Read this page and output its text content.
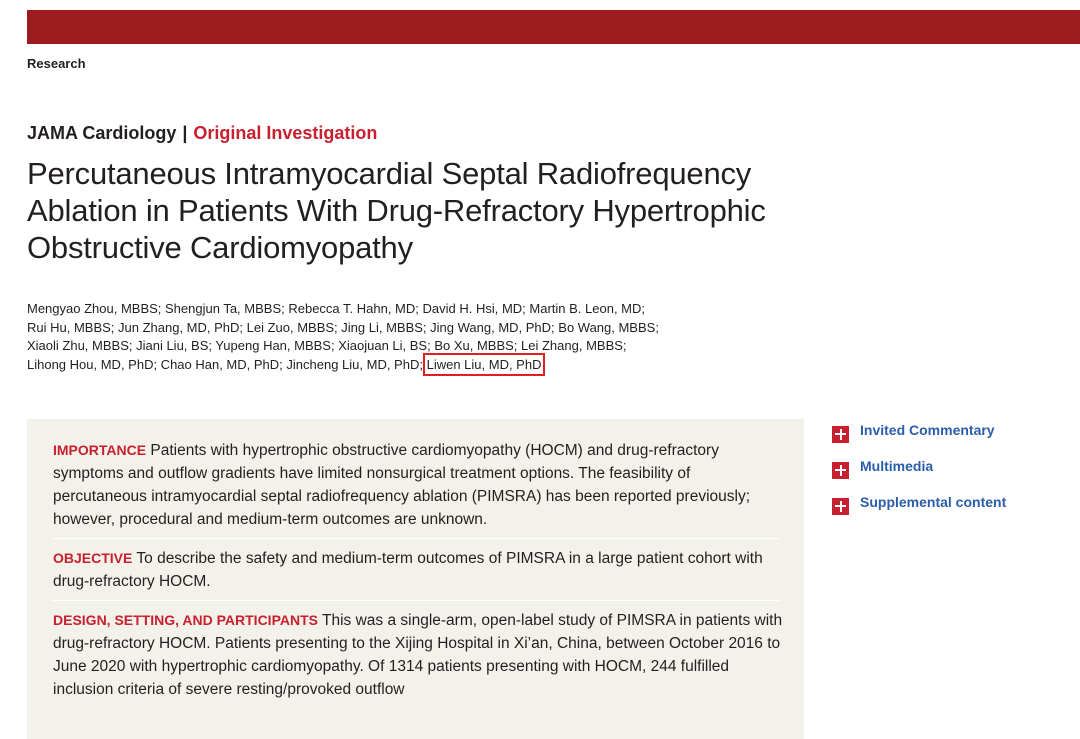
Research
JAMA Cardiology | Original Investigation
Percutaneous Intramyocardial Septal Radiofrequency Ablation in Patients With Drug-Refractory Hypertrophic Obstructive Cardiomyopathy
Mengyao Zhou, MBBS; Shengjun Ta, MBBS; Rebecca T. Hahn, MD; David H. Hsi, MD; Martin B. Leon, MD;
Rui Hu, MBBS; Jun Zhang, MD, PhD; Lei Zuo, MBBS; Jing Li, MBBS; Jing Wang, MD, PhD; Bo Wang, MBBS;
Xiaoli Zhu, MBBS; Jiani Liu, BS; Yupeng Han, MBBS; Xiaojuan Li, BS; Bo Xu, MBBS; Lei Zhang, MBBS;
Lihong Hou, MD, PhD; Chao Han, MD, PhD; Jincheng Liu, MD, PhD; Liwen Liu, MD, PhD

IMPORTANCE Patients with hypertrophic obstructive cardiomyopathy (HOCM) and drug-refractory symptoms and outflow gradients have limited nonsurgical treatment options. The feasibility of percutaneous intramyocardial septal radiofrequency ablation (PIMSRA) has been reported previously; however, procedural and medium-term outcomes are unknown.

OBJECTIVE To describe the safety and medium-term outcomes of PIMSRA in a large patient cohort with drug-refractory HOCM.

DESIGN, SETTING, AND PARTICIPANTS This was a single-arm, open-label study of PIMSRA in patients with drug-refractory HOCM. Patients presenting to the Xijing Hospital in Xi’an, China, between October 2016 to June 2020 with hypertrophic cardiomyopathy. Of 1314 patients presenting with HOCM, 244 fulfilled inclusion criteria of severe resting/provoked outflow

Invited Commentary
Multimedia
Supplemental content
